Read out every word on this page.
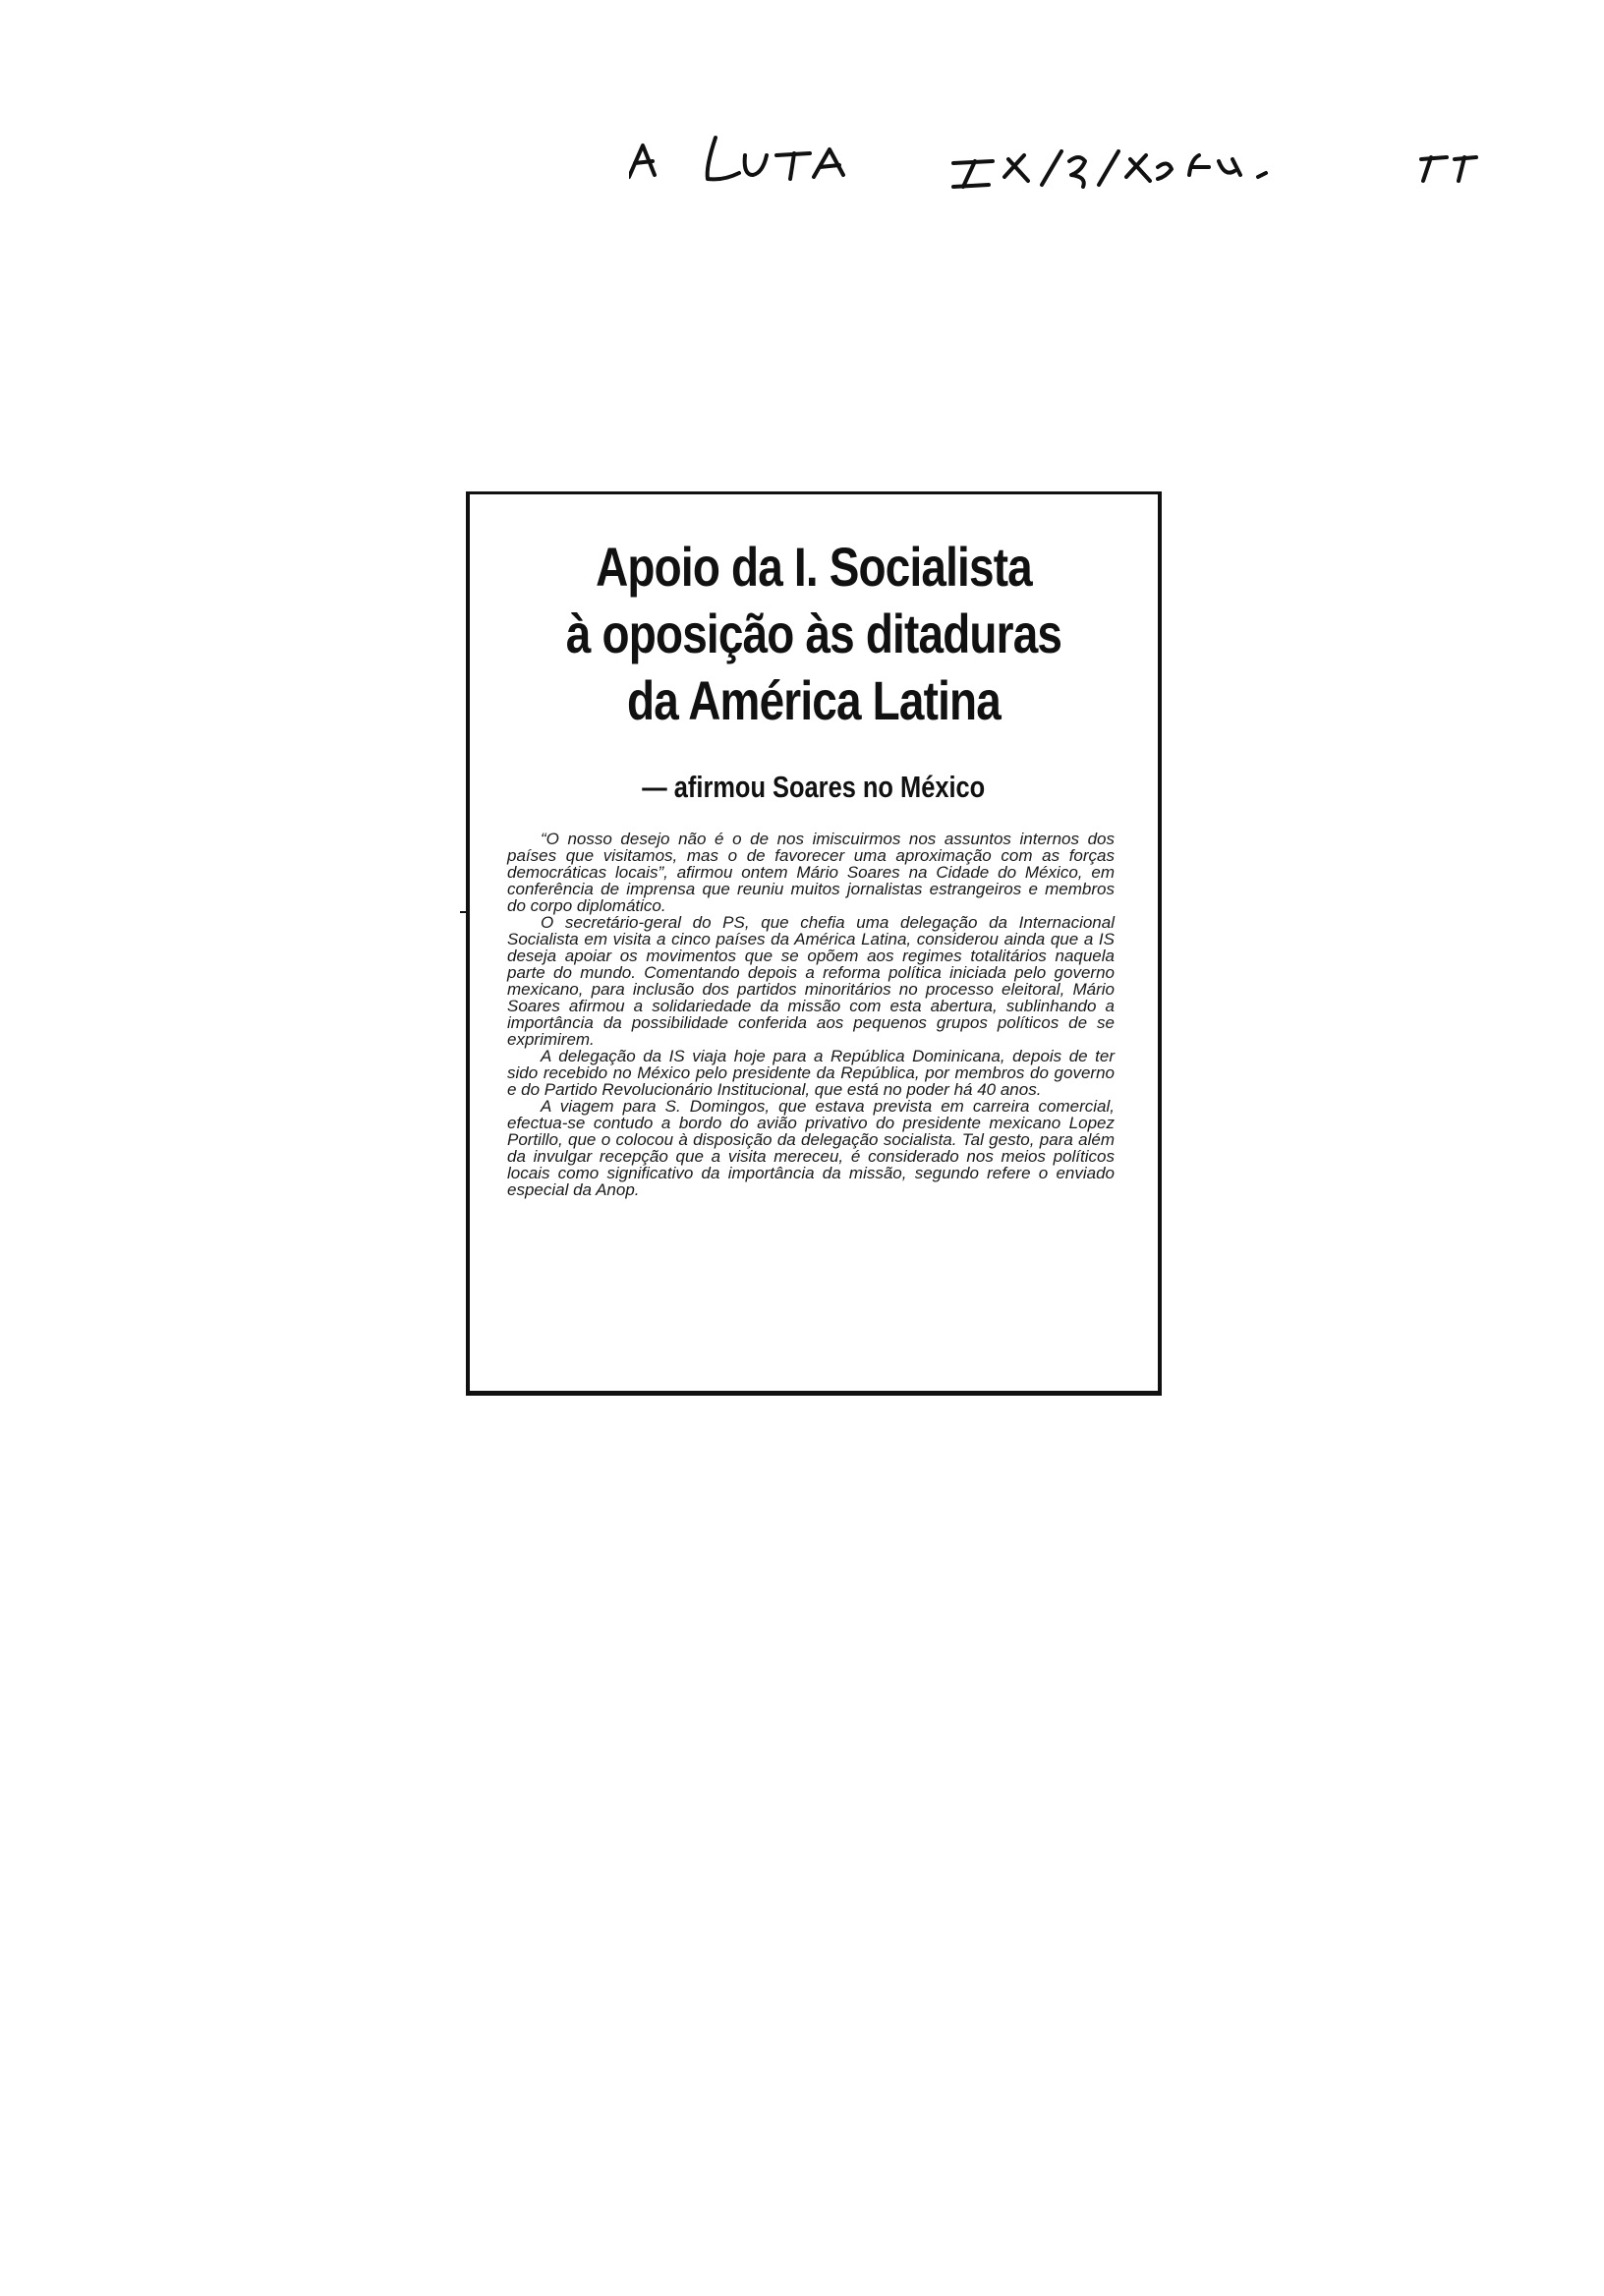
Apoio da I. Socialista
à oposição às ditaduras
da América Latina
— afirmou Soares no México

“O nosso desejo não é o de nos imiscuirmos nos assuntos internos dos países que visitamos, mas o de favorecer uma aproximação com as forças democráticas locais”, afirmou ontem Mário Soares na Cidade do México, em conferência de imprensa que reuniu muitos jornalistas estrangeiros e membros do corpo diplomático.

O secretário-geral do PS, que chefia uma delegação da Internacional Socialista em visita a cinco países da América Latina, considerou ainda que a IS deseja apoiar os movimentos que se opõem aos regimes totalitários naquela parte do mundo. Comentando depois a reforma política iniciada pelo governo mexicano, para inclusão dos partidos minoritários no processo eleitoral, Mário Soares afirmou a solidariedade da missão com esta abertura, sublinhando a importância da possibilidade conferida aos pequenos grupos políticos de se exprimirem.

A delegação da IS viaja hoje para a República Dominicana, depois de ter sido recebido no México pelo presidente da República, por membros do governo e do Partido Revolucionário Institucional, que está no poder há 40 anos.

A viagem para S. Domingos, que estava prevista em carreira comercial, efectua-se contudo a bordo do avião privativo do presidente mexicano Lopez Portillo, que o colocou à disposição da delegação socialista. Tal gesto, para além da invulgar recepção que a visita mereceu, é considerado nos meios políticos locais como significativo da importância da missão, segundo refere o enviado especial da Anop.
